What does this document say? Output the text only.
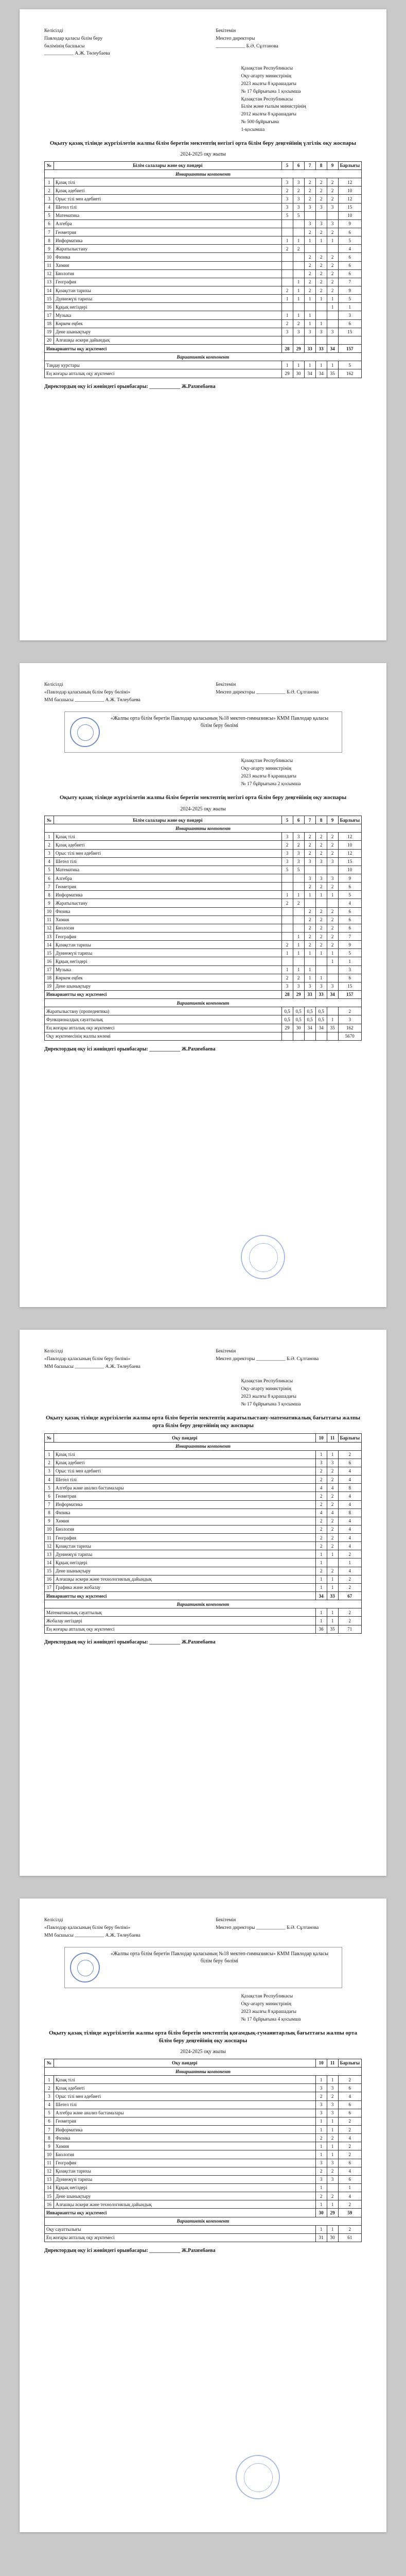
Келісілді
Павлодар қаласы білім беру
бөлімінің басшысы
____________ А.Ж. Төлеубаева
Бекітемін
Мектеп директоры
____________ Б.Ә. Сұлтанова
Қазақстан Республикасы
Оқу-ағарту министрінің
2023 жылғы 8 қарашадағы
№ 17 бұйрығына 1 қосымша
Қазақстан Республикасы
Білім және ғылым министрінің
2012 жылғы 8 қарашадағы
№ 500 бұйрығына
1-қосымша
Оқыту қазақ тілінде жүргізілетін жалпы білім беретін мектептің негізгі орта білім беру деңгейінің үлгілік оқу жоспары
2024-2025 оқу жылы
№	Білім салалары және оқу пәндері	5	6	7	8	9	Барлығы
Инвариантты компонент							
1	Қазақ тілі	3	3	2	2	2	12
2	Қазақ әдебиеті	2	2	2	2	2	10
3	Орыс тілі мен әдебиеті	3	3	2	2	2	12
4	Шетел тілі	3	3	3	3	3	15
5	Математика	5	5				10
6	Алгебра			3	3	3	9
7	Геометрия			2	2	2	6
8	Информатика	1	1	1	1	1	5
9	Жаратылыстану	2	2				4
10	Физика			2	2	2	6
11	Химия			2	2	2	6
12	Биология			2	2	2	6
13	География		1	2	2	2	7
14	Қазақстан тарихы	2	1	2	2	2	9
15	Дүниежүзі тарихы	1	1	1	1	1	5
16	Құқық негіздері					1	1
17	Музыка	1	1	1			3
18	Көркем еңбек	2	2	1	1		6
19	Дене шынықтыру	3	3	3	3	3	15
20	Алғашқы әскери дайындық						
Инвариантты оқу жүктемесі		28	29	33	33	34	157
Вариативтік компонент							
Таңдау курстары		1	1	1	1	1	5
Ең жоғары апталық оқу жүктемесі		29	30	34	34	35	162
Директордың оқу ісі жөніндегі орынбасары: ____________ Ж.Рахимбаева
Келісілді
«Павлодар қаласының білім беру бөлімі»
ММ басшысы ____________ А.Ж. Төлеубаева
Бекітемін
Мектеп директоры ____________ Б.Ә. Сұлтанова
«Жалпы орта білім беретін Павлодар қаласының №18 мектеп-гимназиясы» КММ Павлодар қаласы білім беру бөлімі
Қазақстан Республикасы
Оқу-ағарту министрінің
2023 жылғы 8 қарашадағы
№ 17 бұйрығына 2 қосымша
Оқыту қазақ тілінде жүргізілетін жалпы білім беретін мектептің негізгі орта білім беру деңгейінің оқу жоспары
2024-2025 оқу жылы
№	Білім салалары және оқу пәндері	5	6	7	8	9	Барлығы
Инвариантты компонент							
1	Қазақ тілі	3	3	2	2	2	12
2	Қазақ әдебиеті	2	2	2	2	2	10
3	Орыс тілі мен әдебиеті	3	3	2	2	2	12
4	Шетел тілі	3	3	3	3	3	15
5	Математика	5	5				10
6	Алгебра			3	3	3	9
7	Геометрия			2	2	2	6
8	Информатика	1	1	1	1	1	5
9	Жаратылыстану	2	2				4
10	Физика			2	2	2	6
11	Химия			2	2	2	6
12	Биология			2	2	2	6
13	География		1	2	2	2	7
14	Қазақстан тарихы	2	1	2	2	2	9
15	Дүниежүзі тарихы	1	1	1	1	1	5
16	Құқық негіздері					1	1
17	Музыка	1	1	1			3
18	Көркем еңбек	2	2	1	1		6
19	Дене шынықтыру	3	3	3	3	3	15
Инвариантты оқу жүктемесі		28	29	33	33	34	157
Вариативтік компонент							
Жаратылыстану (пропедевтика)		0,5	0,5	0,5	0,5		2
Функционалдық сауаттылық		0,5	0,5	0,5	0,5	1	3
Ең жоғары апталық оқу жүктемесі		29	30	34	34	35	162
Оқу жүктемесінің жалпы көлемі							5670
Директордың оқу ісі жөніндегі орынбасары: ____________ Ж.Рахимбаева
Келісілді
«Павлодар қаласының білім беру бөлімі»
ММ басшысы ____________ А.Ж. Төлеубаева
Бекітемін
Мектеп директоры ____________ Б.Ә. Сұлтанова
Қазақстан Республикасы
Оқу-ағарту министрінің
2023 жылғы 8 қарашадағы
№ 17 бұйрығына 3 қосымша
Оқыту қазақ тілінде жүргізілетін жалпы орта білім беретін мектептің жаратылыстану-математикалық бағыттағы жалпы орта білім беру деңгейінің оқу жоспары
№	Оқу пәндері	10	11	Барлығы
Инвариантты компонент				
1	Қазақ тілі	1	1	2
2	Қазақ әдебиеті	3	3	6
3	Орыс тілі мен әдебиеті	2	2	4
4	Шетел тілі	2	2	4
5	Алгебра және анализ бастамалары	4	4	8
6	Геометрия	2	2	4
7	Информатика	2	2	4
8	Физика	4	4	8
9	Химия	2	2	4
10	Биология	2	2	4
11	География	2	2	4
12	Қазақстан тарихы	2	2	4
13	Дүниежүзі тарихы	1	1	2
14	Құқық негіздері	1		1
15	Дене шынықтыру	2	2	4
16	Алғашқы әскери және технологиялық дайындық	1	1	2
17	Графика және жобалау	1	1	2
Инвариантты оқу жүктемесі		34	33	67
Вариативтік компонент				
Математикалық сауаттылық		1	1	2
Жобалау негіздері		1	1	2
Ең жоғары апталық оқу жүктемесі		36	35	71
Директордың оқу ісі жөніндегі орынбасары: ____________ Ж.Рахимбаева
Келісілді
«Павлодар қаласының білім беру бөлімі»
ММ басшысы ____________ А.Ж. Төлеубаева
Бекітемін
Мектеп директоры ____________ Б.Ә. Сұлтанова
«Жалпы орта білім беретін Павлодар қаласының №18 мектеп-гимназиясы» КММ Павлодар қаласы білім беру бөлімі
Қазақстан Республикасы
Оқу-ағарту министрінің
2023 жылғы 8 қарашадағы
№ 17 бұйрығына 4 қосымша
Оқыту қазақ тілінде жүргізілетін жалпы орта білім беретін мектептің қоғамдық-гуманитарлық бағыттағы жалпы орта білім беру деңгейінің оқу жоспары
2024-2025 оқу жылы
№	Оқу пәндері	10	11	Барлығы
Инвариантты компонент				
1	Қазақ тілі	1	1	2
2	Қазақ әдебиеті	3	3	6
3	Орыс тілі мен әдебиеті	2	2	4
4	Шетел тілі	3	3	6
5	Алгебра және анализ бастамалары	3	3	6
6	Геометрия	1	1	2
7	Информатика	1	1	2
8	Физика	2	2	4
9	Химия	1	1	2
10	Биология	1	1	2
11	География	3	3	6
12	Қазақстан тарихы	2	2	4
13	Дүниежүзі тарихы	3	3	6
14	Құқық негіздері	1		1
15	Дене шынықтыру	2	2	4
16	Алғашқы әскери және технологиялық дайындық	1	1	2
Инвариантты оқу жүктемесі		30	29	59
Вариативтік компонент				
Оқу сауаттылығы		1	1	2
Ең жоғары апталық оқу жүктемесі		31	30	61
Директордың оқу ісі жөніндегі орынбасары: ____________ Ж.Рахимбаева
